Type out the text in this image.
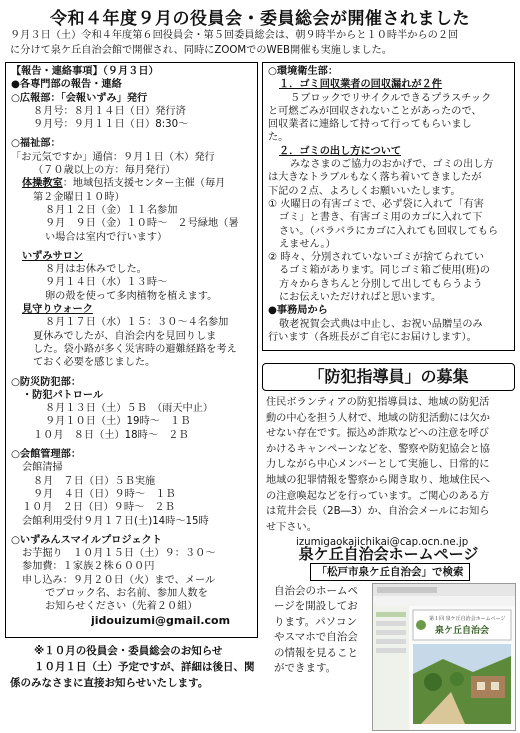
令和４年度９月の役員会・委員総会が開催されました
９月３日（土）令和４年度第６回役員会・第５回委員総会は、朝９時半からと１０時半からの２回
に分けて泉ケ丘自治会館で開催され、同時にZOOMでのWEB開催も実施しました。
【報告・連絡事項】（９月３日）
●各専門部の報告・連絡
○広報部：「会報いずみ」発行
８月号：８月１４日（日）発行済
９月号：９月１１日（日）8:30～
○福祉部：
「お元気ですか」通信：９月１日（木）発行
（７０歳以上の方：毎月発行）
体操教室：地域包括支援センター主催（毎月
第２金曜日１０時）
８月１２日（金）１１名参加
９月　９日（金）１０時～　２号緑地（暑
い場合は室内で行います）
いずみサロン
８月はお休みでした。
９月１４日（水）１３時～
卵の殻を使って多肉植物を植えます。
見守りウォーク
８月１７日（水）１５：３０～４名参加
夏休みでしたが、自治会内を見回りしま
した。袋小路が多く災害時の避難経路を考え
ておく必要を感じました。
○防災防犯部：
・防犯パトロール
８月１３日（土）５Ｂ　（雨天中止）
９月１０日（土）19時～　１Ｂ
１０月　８日（土）18時～　２Ｂ
○会館管理部：
会館清掃
８月　７日（日）５Ｂ実施
９月　４日（日）９時～　１Ｂ
１０月　２日（日）９時～　２Ｂ
会館利用受付９月１７日(土)14時～15時
○いずみんスマイルプロジェクト
お芋掘り　１０月１５日（土）９：３０～
参加費：１家族２株６００円
申し込み：９月２０日（火）まで、メール
でブロック名、お名前、参加人数を
お知らせください（先着２０組）
jidouizumi@gmail.com
※１０月の役員会・委員総会のお知らせ
１０月１日（土）予定ですが、詳細は後日、関
係のみなさまに直接お知らせいたします。
○環境衛生部：
１．ゴミ回収業者の回収漏れが２件
５ブロックでリサイクルできるプラスチック
と可燃ごみが回収されないことがあったので、
回収業者に連絡して持って行ってもらいまし
た。
２．ゴミの出し方について
みなさまのご協力のおかげで、ゴミの出し方
は大きなトラブルもなく落ち着いてきましたが
下記の２点、よろしくお願いいたします。
① 火曜日の有害ゴミで、必ず袋に入れて「有害
ゴミ」と書き、有害ゴミ用のカゴに入れて下
さい。（バラバラにカゴに入れても回収してもら
えません。）
② 時々、分別されていないゴミが捨てられてい
るゴミ箱があります。同じゴミ箱ご使用(班)の
方々からきちんと分別して出してもらうよう
にお伝えいただければと思います。
●事務局から
敬老祝賀会式典は中止し、お祝い品贈呈のみ
行います（各班長がご自宅にお届けします）。
「防犯指導員」の募集
住民ボランティアの防犯指導員は、地域の防犯活
動の中心を担う人材で、地域の防犯活動には欠か
せない存在です。振込め詐欺などへの注意を呼び
かけるキャンペーンなどを、警察や防犯協会と協
力しながら中心メンバーとして実施し、日常的に
地域の犯罪情報を警察から聞き取り、地域住民へ
の注意喚起などを行っています。ご関心のある方
は荒井会長（2B―3）か、自治会メールにお知ら
せ下さい。
izumigaokajichikai@cap.ocn.ne.jp
泉ケ丘自治会ホームページ
「松戸市泉ケ丘自治会」で検索
自治会のホームページを開設しております。パソコンやスマホで自治会の情報を見ることができます。
第１回 泉ケ丘自治会ホームページ
泉ケ丘自治会
